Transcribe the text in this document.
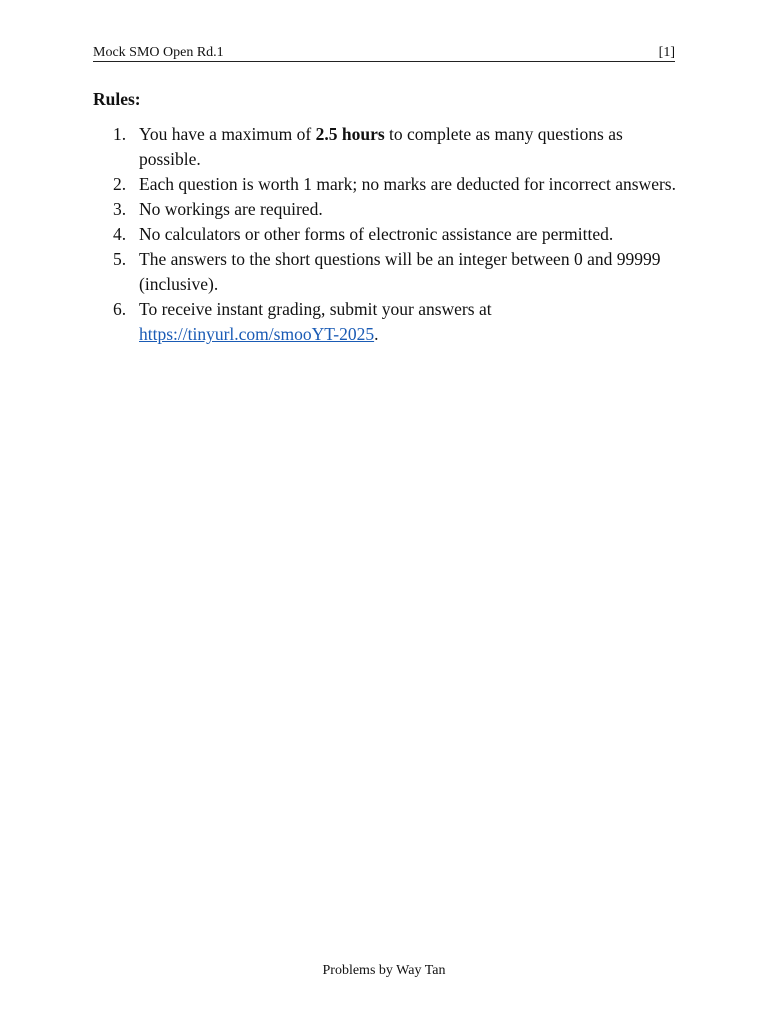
Mock SMO Open Rd.1	[1]
Rules:
1. You have a maximum of 2.5 hours to complete as many questions as possible.
2. Each question is worth 1 mark; no marks are deducted for incorrect answers.
3. No workings are required.
4. No calculators or other forms of electronic assistance are permitted.
5. The answers to the short questions will be an integer between 0 and 99999 (inclusive).
6. To receive instant grading, submit your answers at https://tinyurl.com/smooYT-2025.
Problems by Way Tan
